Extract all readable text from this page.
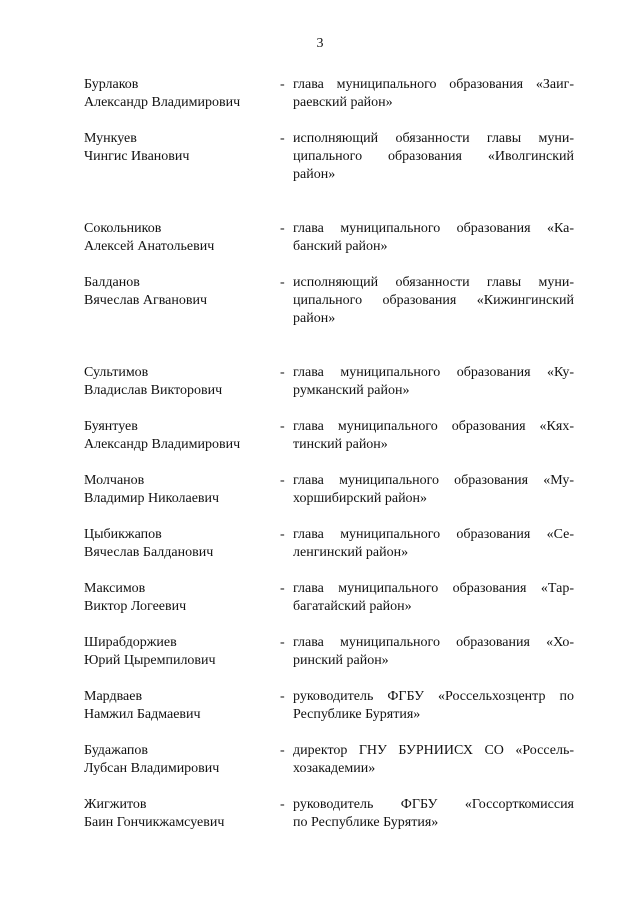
3
Бурлаков
Александр Владимирович
- глава муниципального образования «Заиг-
раевский район»
Мункуев
Чингис Иванович
- исполняющий обязанности главы муни-
ципального образования «Иволгинский
район»
Сокольников
Алексей Анатольевич
- глава муниципального образования «Ка-
банский район»
Балданов
Вячеслав Агванович
- исполняющий обязанности главы муни-
ципального образования «Кижингинский
район»
Сультимов
Владислав Викторович
- глава муниципального образования «Ку-
румканский район»
Буянтуев
Александр Владимирович
- глава муниципального образования «Кях-
тинский район»
Молчанов
Владимир Николаевич
- глава муниципального образования «Му-
хоршибирский район»
Цыбикжапов
Вячеслав Балданович
- глава муниципального образования «Се-
ленгинский район»
Максимов
Виктор Логеевич
- глава муниципального образования «Тар-
багатайский район»
Ширабдоржиев
Юрий Цыремпилович
- глава муниципального образования «Хо-
ринский район»
Мардваев
Намжил Бадмаевич
- руководитель ФГБУ «Россельхозцентр по
Республике Бурятия»
Будажапов
Лубсан Владимирович
- директор ГНУ БУРНИИСХ СО «Россель-
хозакадемии»
Жигжитов
Баин Гончикжамсуевич
- руководитель ФГБУ «Госсорткомиссия
по Республике Бурятия»
